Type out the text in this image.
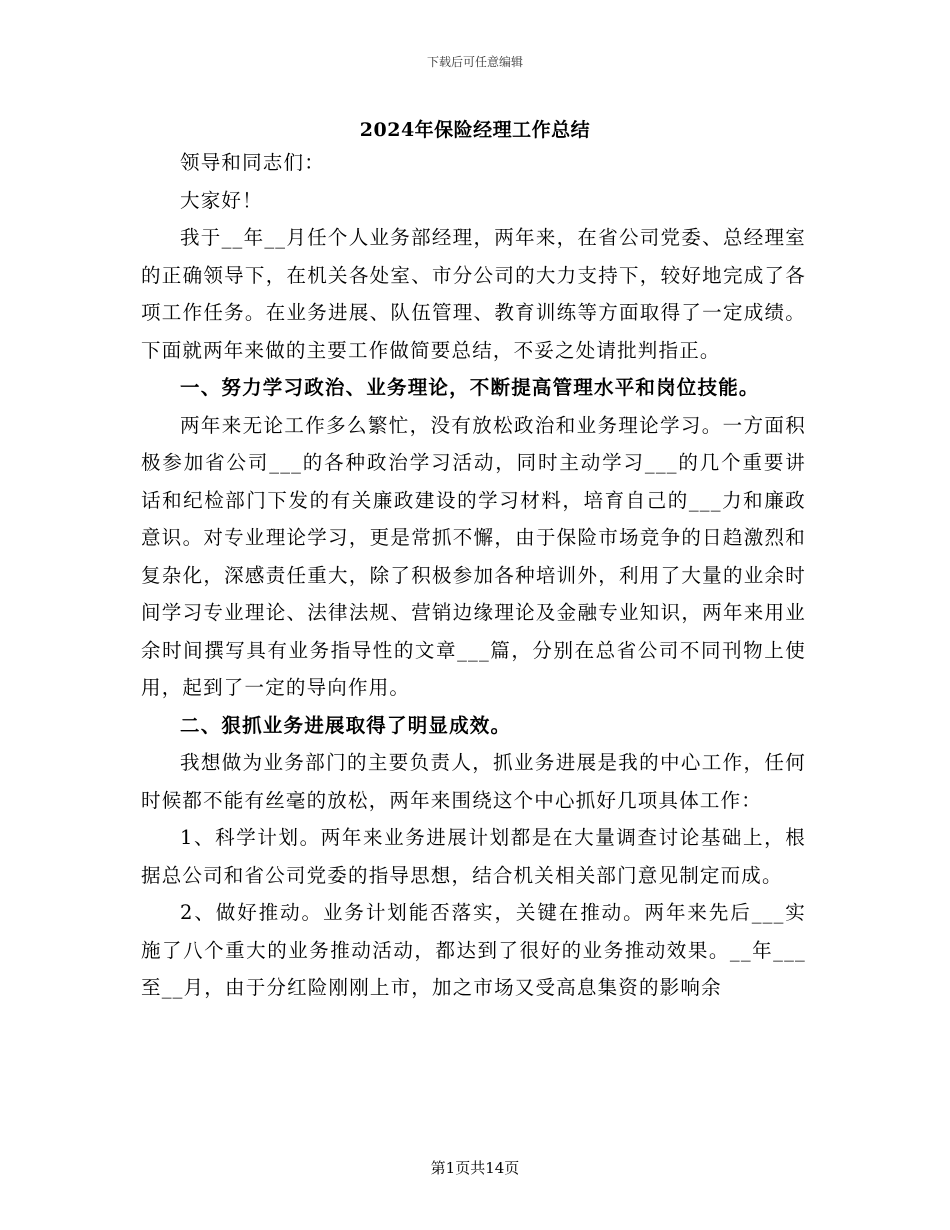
下载后可任意编辑
2024年保险经理工作总结

领导和同志们：

大家好！

我于__年__月任个人业务部经理，两年来，在省公司党委、总经理室的正确领导下，在机关各处室、市分公司的大力支持下，较好地完成了各项工作任务。在业务进展、队伍管理、教育训练等方面取得了一定成绩。下面就两年来做的主要工作做简要总结，不妥之处请批判指正。

一、努力学习政治、业务理论，不断提高管理水平和岗位技能。

两年来无论工作多么繁忙，没有放松政治和业务理论学习。一方面积极参加省公司___的各种政治学习活动，同时主动学习___的几个重要讲话和纪检部门下发的有关廉政建设的学习材料，培育自己的___力和廉政意识。对专业理论学习，更是常抓不懈，由于保险市场竞争的日趋激烈和复杂化，深感责任重大，除了积极参加各种培训外，利用了大量的业余时间学习专业理论、法律法规、营销边缘理论及金融专业知识，两年来用业余时间撰写具有业务指导性的文章___篇，分别在总省公司不同刊物上使用，起到了一定的导向作用。

二、狠抓业务进展取得了明显成效。

我想做为业务部门的主要负责人，抓业务进展是我的中心工作，任何时候都不能有丝毫的放松，两年来围绕这个中心抓好几项具体工作：

1、科学计划。两年来业务进展计划都是在大量调查讨论基础上，根据总公司和省公司党委的指导思想，结合机关相关部门意见制定而成。

2、做好推动。业务计划能否落实，关键在推动。两年来先后___实施了八个重大的业务推动活动，都达到了很好的业务推动效果。__年___至__月，由于分红险刚刚上市，加之市场又受高息集资的影响余

第1页共14页
